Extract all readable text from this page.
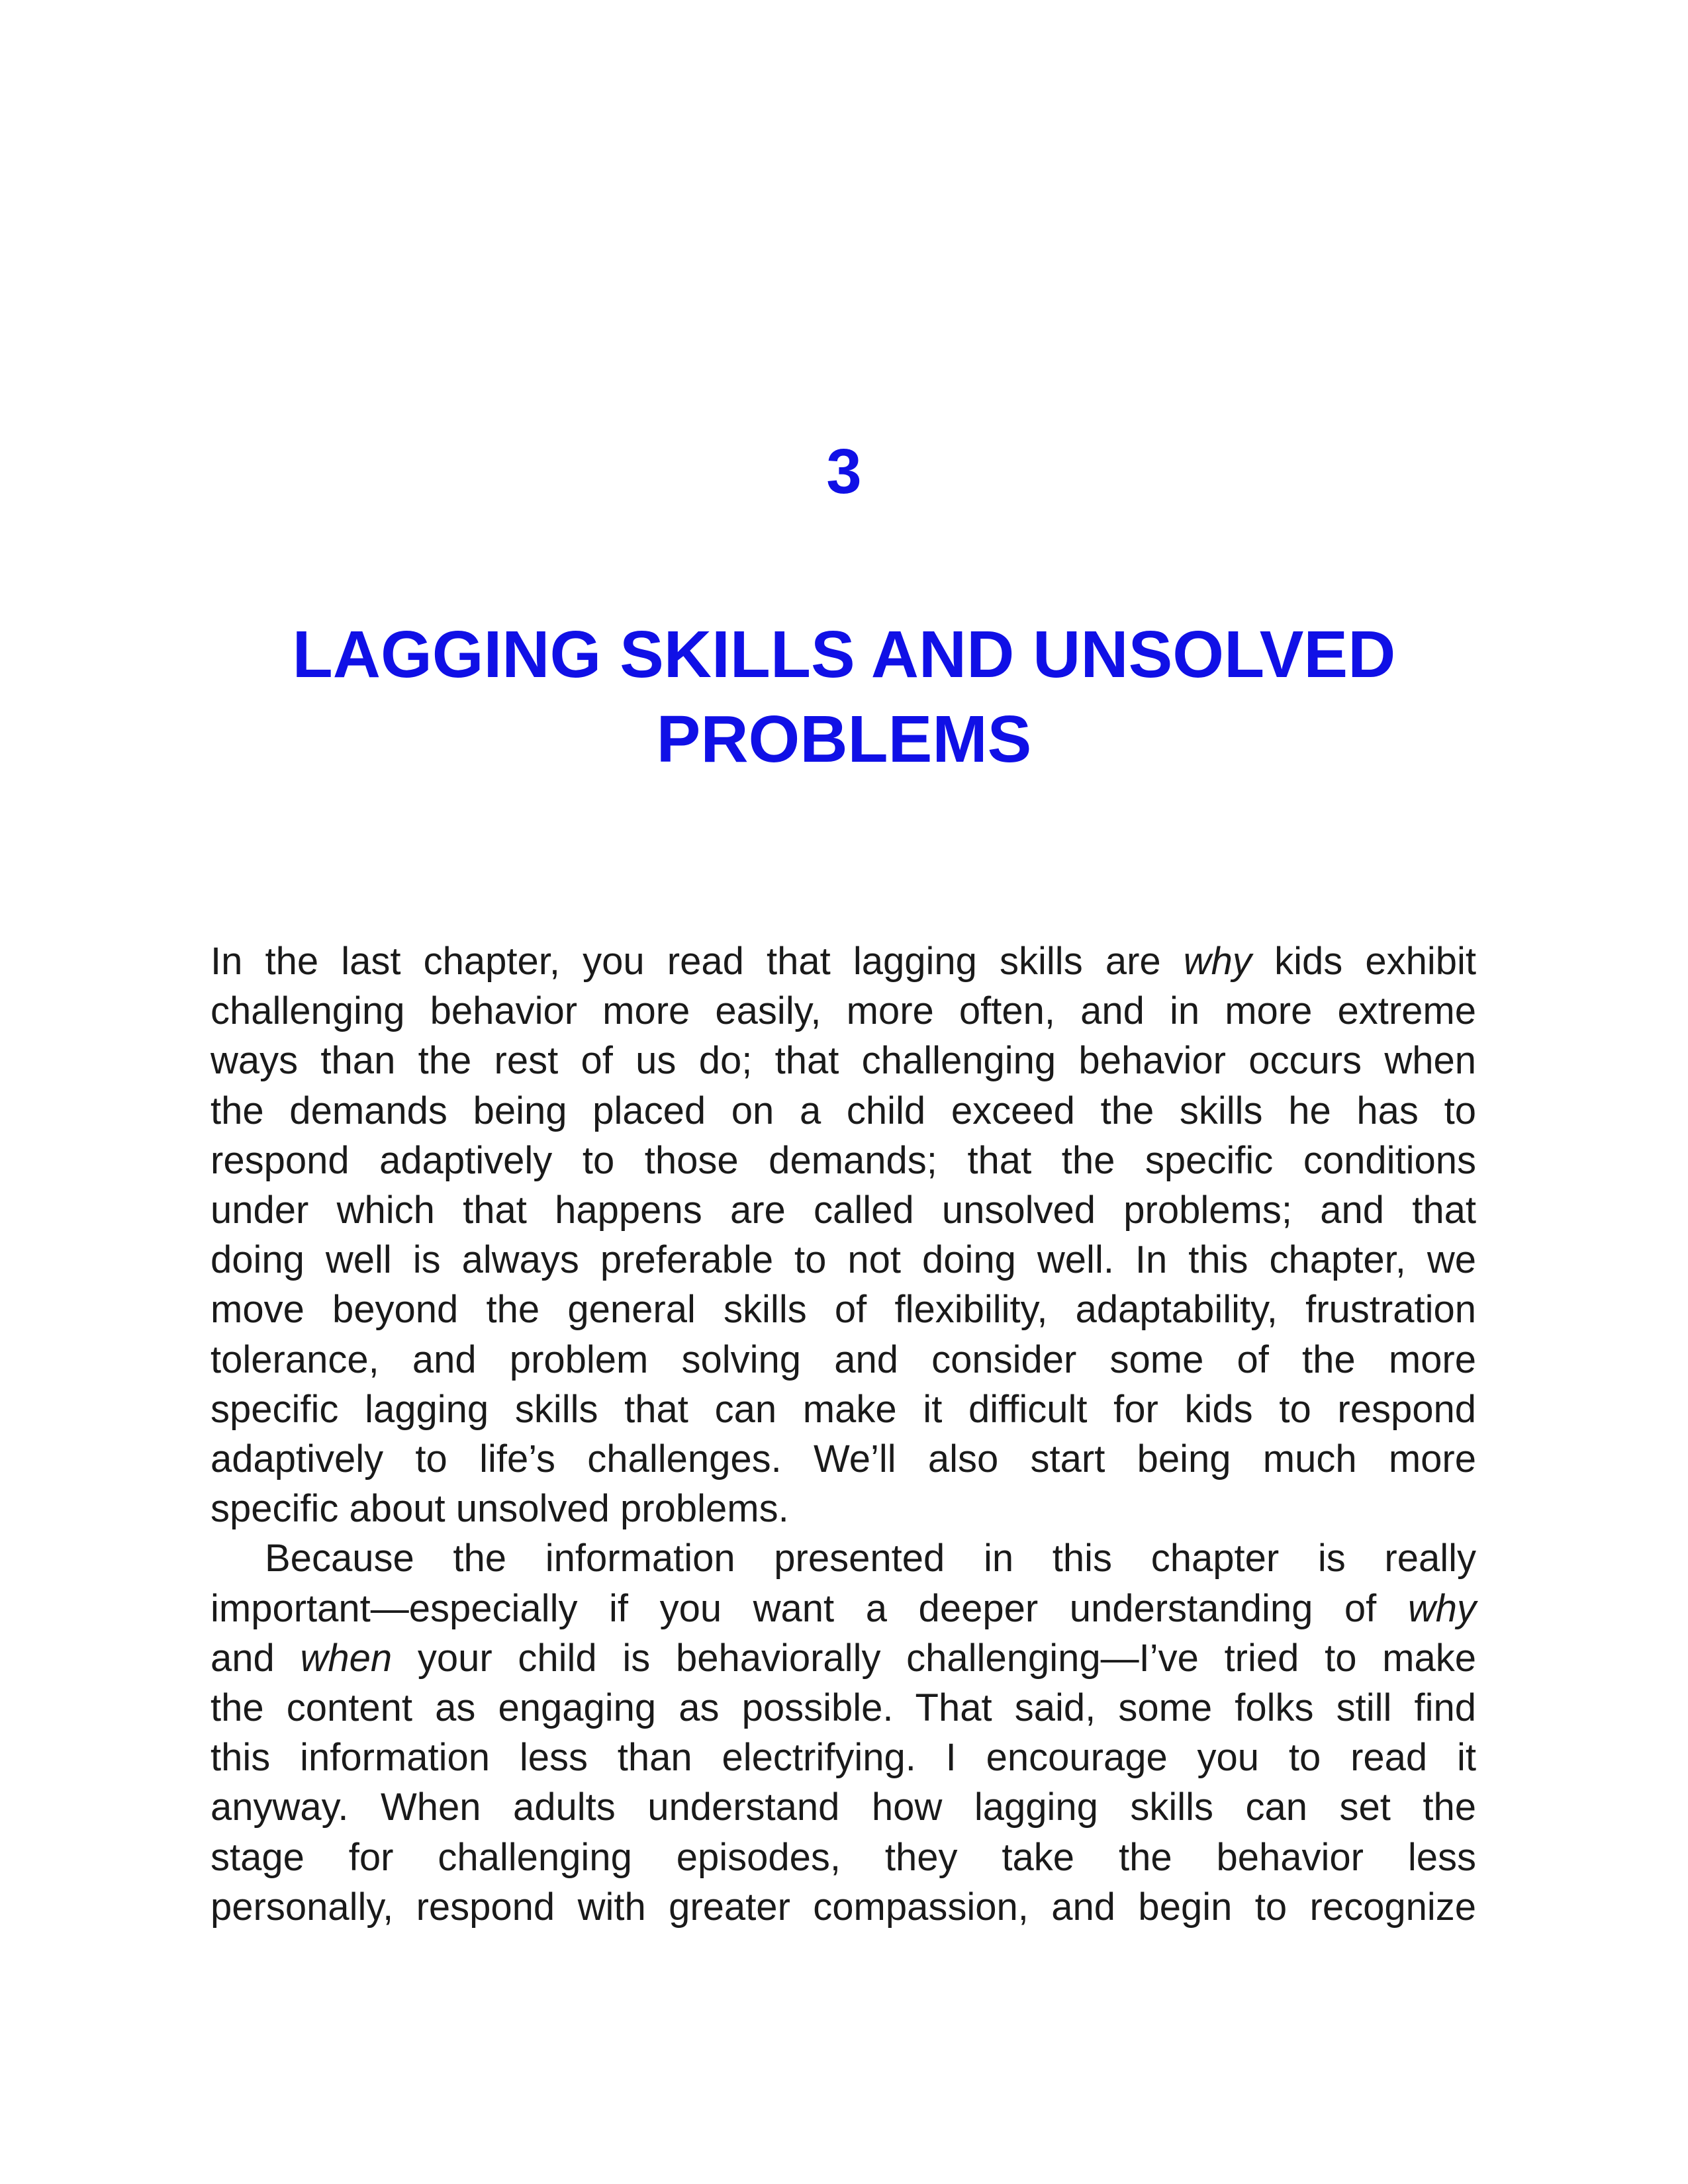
3
LAGGING SKILLS AND UNSOLVED
PROBLEMS
In the last chapter, you read that lagging skills are why kids exhibit
challenging behavior more easily, more often, and in more extreme
ways than the rest of us do; that challenging behavior occurs when
the demands being placed on a child exceed the skills he has to
respond adaptively to those demands; that the specific conditions
under which that happens are called unsolved problems; and that
doing well is always preferable to not doing well. In this chapter, we
move beyond the general skills of flexibility, adaptability, frustration
tolerance, and problem solving and consider some of the more
specific lagging skills that can make it difficult for kids to respond
adaptively to life’s challenges. We’ll also start being much more
specific about unsolved problems.
Because the information presented in this chapter is really
important—especially if you want a deeper understanding of why
and when your child is behaviorally challenging—I’ve tried to make
the content as engaging as possible. That said, some folks still find
this information less than electrifying. I encourage you to read it
anyway. When adults understand how lagging skills can set the
stage for challenging episodes, they take the behavior less
personally, respond with greater compassion, and begin to recognize
